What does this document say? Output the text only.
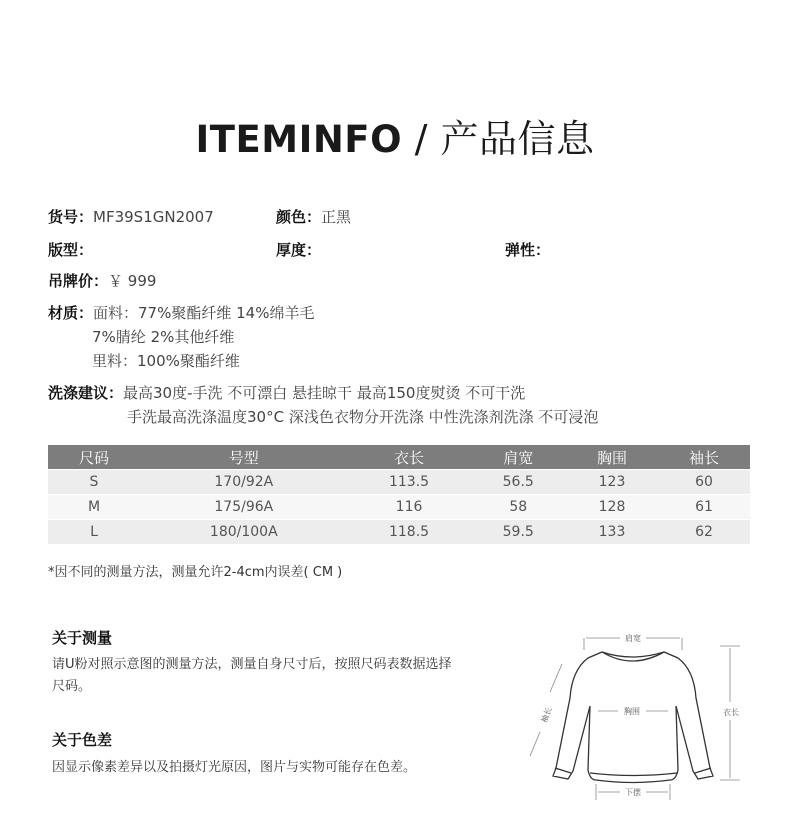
ITEMINFO / 产品信息
货号：MF39S1GN2007	颜色：正黑
版型：	厚度：	弹性：
吊牌价：￥ 999
材质：面料：77%聚酯纤维 14%绵羊毛
7%腈纶 2%其他纤维
里料：100%聚酯纤维
洗涤建议：最高30度-手洗 不可漂白 悬挂晾干 最高150度熨烫 不可干洗
手洗最高洗涤温度30°C 深浅色衣物分开洗涤 中性洗涤剂洗涤 不可浸泡
尺码	号型	衣长	肩宽	胸围	袖长
S	170/92A	113.5	56.5	123	60
M	175/96A	116	58	128	61
L	180/100A	118.5	59.5	133	62
*因不同的测量方法，测量允许2-4cm内误差( CM )
关于测量
请U粉对照示意图的测量方法，测量自身尺寸后，按照尺码表数据选择
尺码。
关于色差
因显示像素差异以及拍摄灯光原因，图片与实物可能存在色差。
肩宽
胸围	衣长
下摆
袖长
